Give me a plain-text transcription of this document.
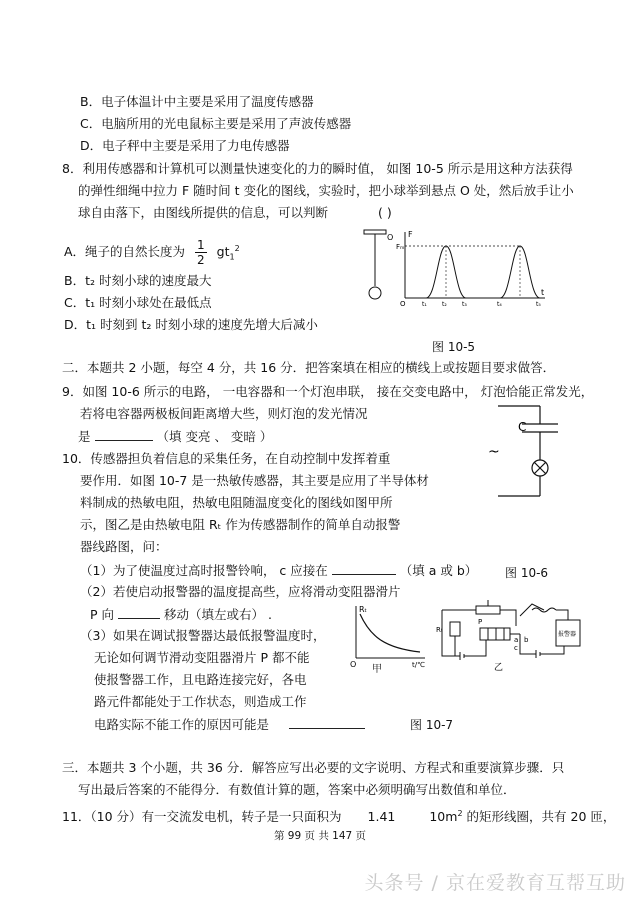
B．电子体温计中主要是采用了温度传感器
C．电脑所用的光电鼠标主要是采用了声波传感器
D．电子秤中主要是采用了力电传感器
8．利用传感器和计算机可以测量快速变化的力的瞬时值， 如图 10-5 所示是用这种方法获得
的弹性细绳中拉力 F 随时间 t 变化的图线，实验时，把小球举到悬点 O 处，然后放手让小
球自由落下，由图线所提供的信息，可以判断	( )
A．绳子的自然长度为 $\frac{1}{2} gt_1^2$
B．t₂ 时刻小球的速度最大
C．t₁ 时刻小球处在最低点
D．t₁ 时刻到 t₂ 时刻小球的速度先增大后减小
O F
Fₘ
O	t₁	t₂	t₃	t₄	t₅
t
图 10-5
二．本题共 2 小题，每空 4 分，共 16 分．把答案填在相应的横线上或按题目要求做答．
9．如图 10-6 所示的电路， 一电容器和一个灯泡串联， 接在交变电路中， 灯泡恰能正常发光，
若将电容器两极板间距离增大些，则灯泡的发光情况
是	（填 变亮 、 变暗 ）
C
~
10．传感器担负着信息的采集任务，在自动控制中发挥着重
要作用．如图 10-7 是一热敏传感器，其主要是应用了半导体材
料制成的热敏电阻，热敏电阻随温度变化的图线如图甲所
示，图乙是由热敏电阻 Rₜ 作为传感器制作的简单自动报警
器线路图，问：
（1）为了使温度过高时报警铃响， c 应接在	（填 a 或 b） 图 10-6
（2）若使启动报警器的温度提高些，应将滑动变阻器滑片
P 向	移动（填左或右） .
（3）如果在调试报警器达最低报警温度时，
无论如何调节滑动变阻器滑片 P 都不能
使报警器工作，且电路连接完好，各电
路元件都能处于工作状态，则造成工作
电路实际不能工作的原因可能是
Rₜ
O	t/℃
甲
Rₜ
P
a
c
b
报警器
乙
图 10-7
三．本题共 3 个小题，共 36 分．解答应写出必要的文字说明、方程式和重要演算步骤．只
写出最后答案的不能得分．有数值计算的题，答案中必须明确写出数值和单位．
11．（10 分）有一交流发电机，转子是一只面积为 1.41	$10m^2$ 的矩形线圈，共有 20 匝，
第 99 页 共 147 页
头条号 / 京在爱教育互帮互助
